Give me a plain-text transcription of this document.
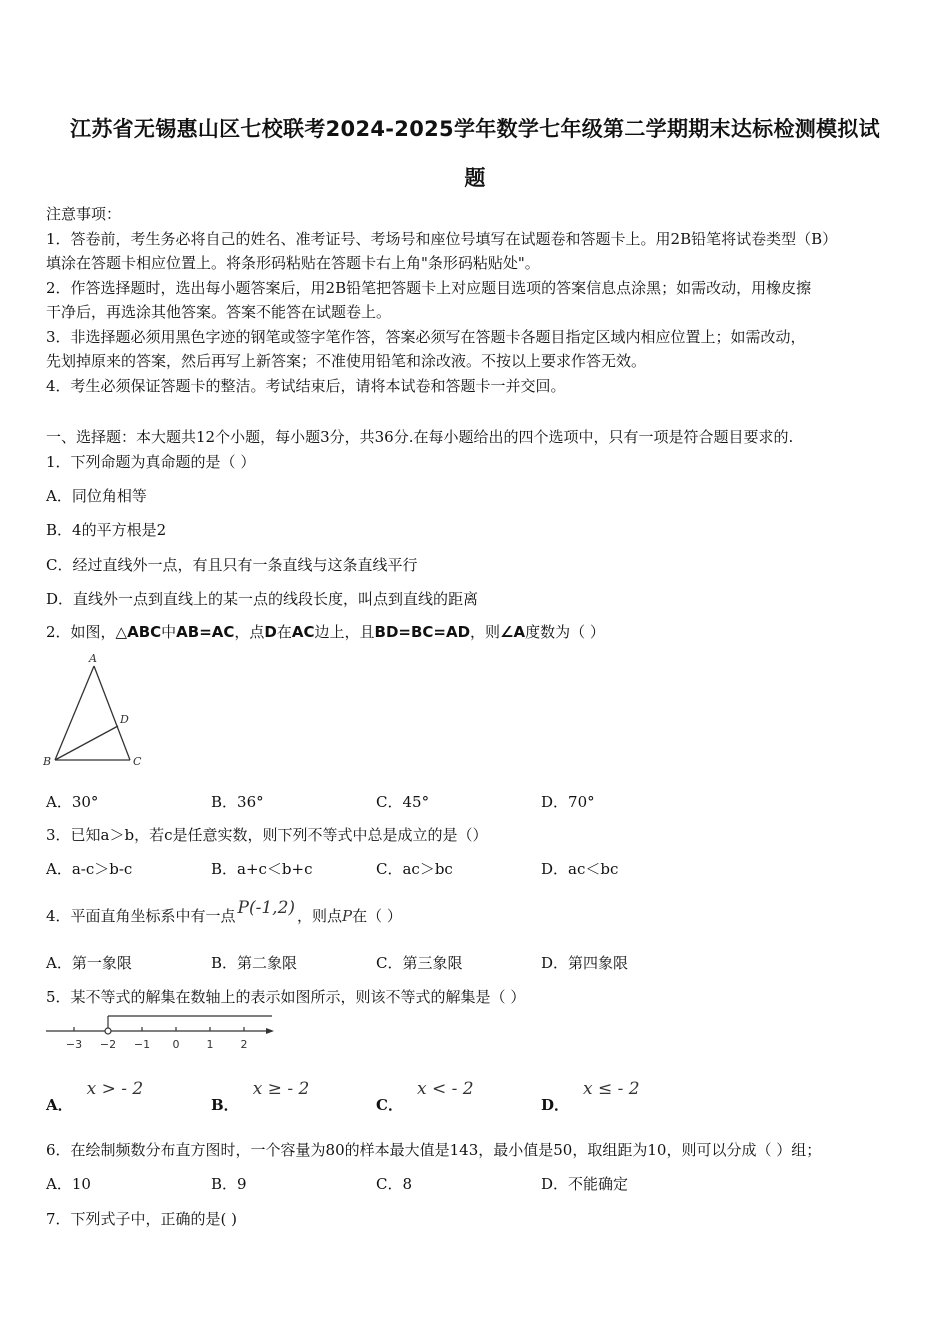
江苏省无锡惠山区七校联考2024-2025学年数学七年级第二学期期末达标检测模拟试
题
注意事项：
1．答卷前，考生务必将自己的姓名、准考证号、考场号和座位号填写在试题卷和答题卡上。用2B铅笔将试卷类型（B）
填涂在答题卡相应位置上。将条形码粘贴在答题卡右上角"条形码粘贴处"。
2．作答选择题时，选出每小题答案后，用2B铅笔把答题卡上对应题目选项的答案信息点涂黑；如需改动，用橡皮擦
干净后，再选涂其他答案。答案不能答在试题卷上。
3．非选择题必须用黑色字迹的钢笔或签字笔作答，答案必须写在答题卡各题目指定区域内相应位置上；如需改动，
先划掉原来的答案，然后再写上新答案；不准使用铅笔和涂改液。不按以上要求作答无效。
4．考生必须保证答题卡的整洁。考试结束后，请将本试卷和答题卡一并交回。
一、选择题：本大题共12个小题，每小题3分，共36分.在每小题给出的四个选项中，只有一项是符合题目要求的.
1．下列命题为真命题的是（ ）
A．同位角相等
B．4的平方根是2
C．经过直线外一点，有且只有一条直线与这条直线平行
D．直线外一点到直线上的某一点的线段长度，叫点到直线的距离
2．如图，△ABC中AB=AC，点D在AC边上，且BD=BC=AD，则∠A度数为（ ）
A
B	C
D
A．30°	B．36°	C．45°	D．70°
3．已知a＞b，若c是任意实数，则下列不等式中总是成立的是（）
A．a-c＞b-c	B．a+c＜b+c	C．ac＞bc	D．ac＜bc
4．平面直角坐标系中有一点 P(-1,2) ，则点P在（ ）
A．第一象限	B．第二象限	C．第三象限	D．第四象限
5．某不等式的解集在数轴上的表示如图所示，则该不等式的解集是（ ）
−3 −2 −1 0 1 2
A．x > - 2
B．x ≥ - 2
C．x < - 2
D．x ≤ - 2
6．在绘制频数分布直方图时，一个容量为80的样本最大值是143，最小值是50，取组距为10，则可以分成（ ）组；
A．10	B．9	C．8	D．不能确定
7．下列式子中，正确的是( )
